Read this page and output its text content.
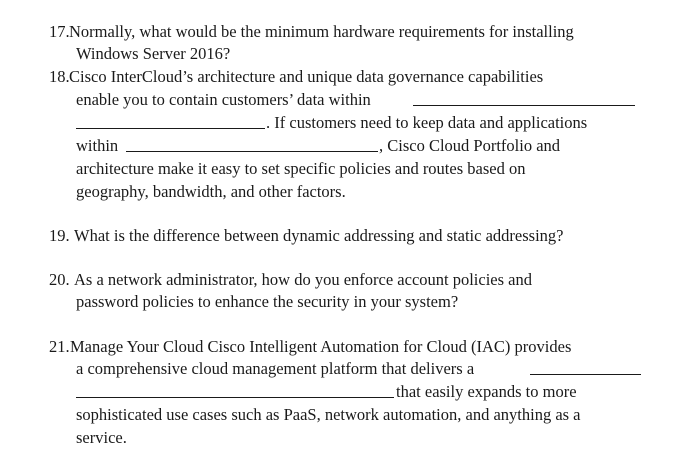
17. Normally, what would be the minimum hardware requirements for installing
Windows Server 2016?
18. Cisco InterCloud’s architecture and unique data governance capabilities
enable you to contain customers’ data within
. If customers need to keep data and applications
within	, Cisco Cloud Portfolio and
architecture make it easy to set specific policies and routes based on
geography, bandwidth, and other factors.
19. What is the difference between dynamic addressing and static addressing?
20. As a network administrator, how do you enforce account policies and
password policies to enhance the security in your system?
21. Manage Your Cloud Cisco Intelligent Automation for Cloud (IAC) provides
a comprehensive cloud management platform that delivers a
that easily expands to more
sophisticated use cases such as PaaS, network automation, and anything as a
service.
